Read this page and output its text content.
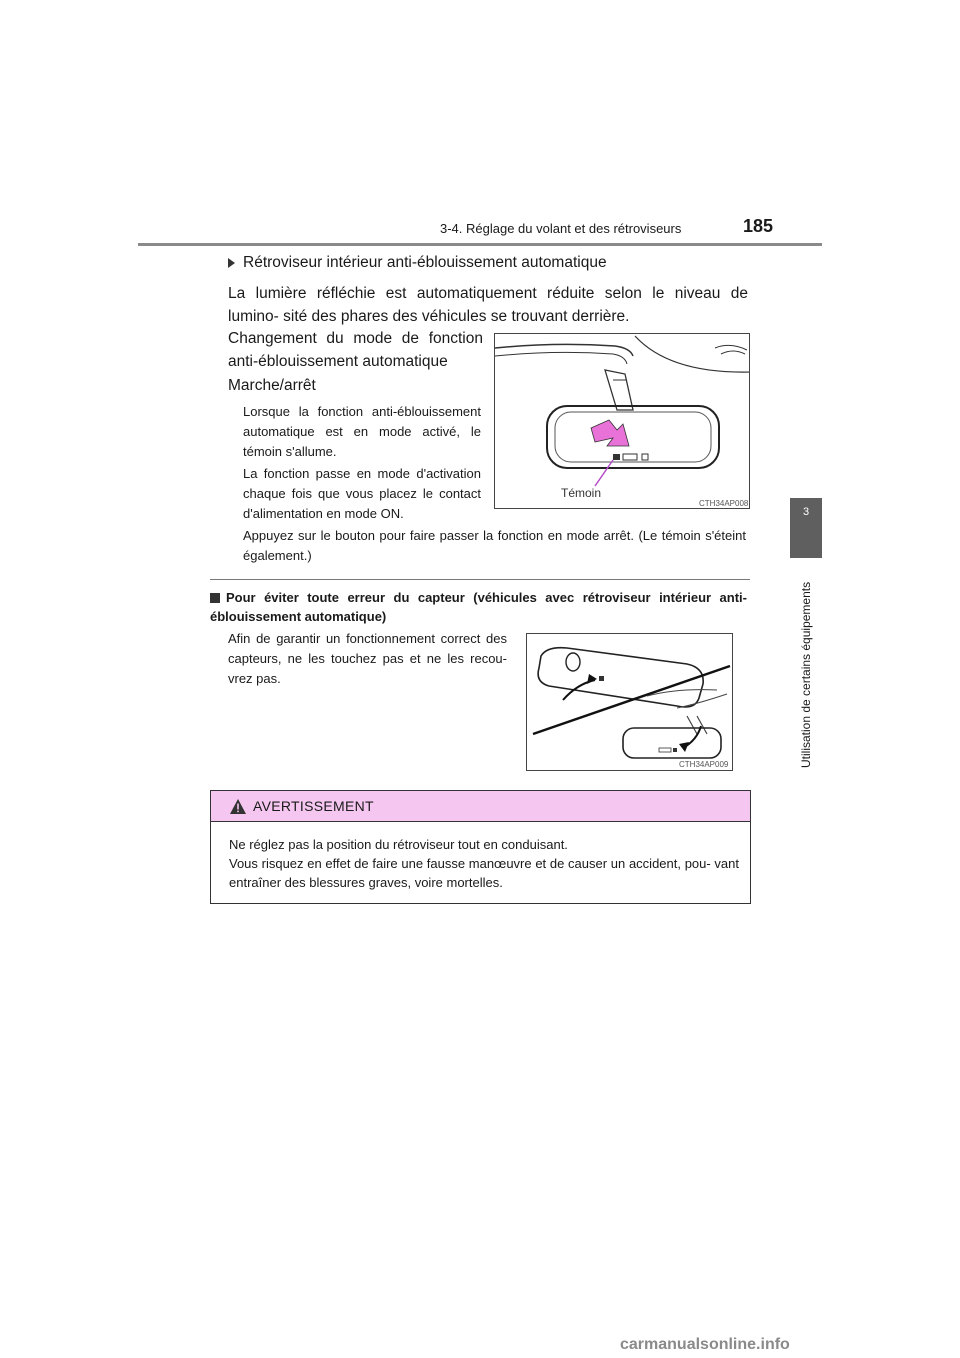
3-4. Réglage du volant et des rétroviseurs	185
3
Utilisation de certains équipements
Rétroviseur intérieur anti-éblouissement automatique
La lumière réfléchie est automatiquement réduite selon le niveau de lumino- sité des phares des véhicules se trouvant derrière.
Changement du mode de fonction anti-éblouissement automatique
Marche/arrêt
Lorsque la fonction anti-éblouissement automatique est en mode activé, le témoin s'allume.
La fonction passe en mode d'activation chaque fois que vous placez le contact d'alimentation en mode ON.
Appuyez sur le bouton pour faire passer la fonction en mode arrêt. (Le témoin s'éteint également.)
Témoin
CTH34AP008
Pour éviter toute erreur du capteur (véhicules avec rétroviseur intérieur anti- éblouissement automatique)
Afin de garantir un fonctionnement correct des capteurs, ne les touchez pas et ne les recou- vrez pas.
CTH34AP009
AVERTISSEMENT
Ne réglez pas la position du rétroviseur tout en conduisant.
Vous risquez en effet de faire une fausse manœuvre et de causer un accident, pou- vant entraîner des blessures graves, voire mortelles.
carmanualsonline.info
